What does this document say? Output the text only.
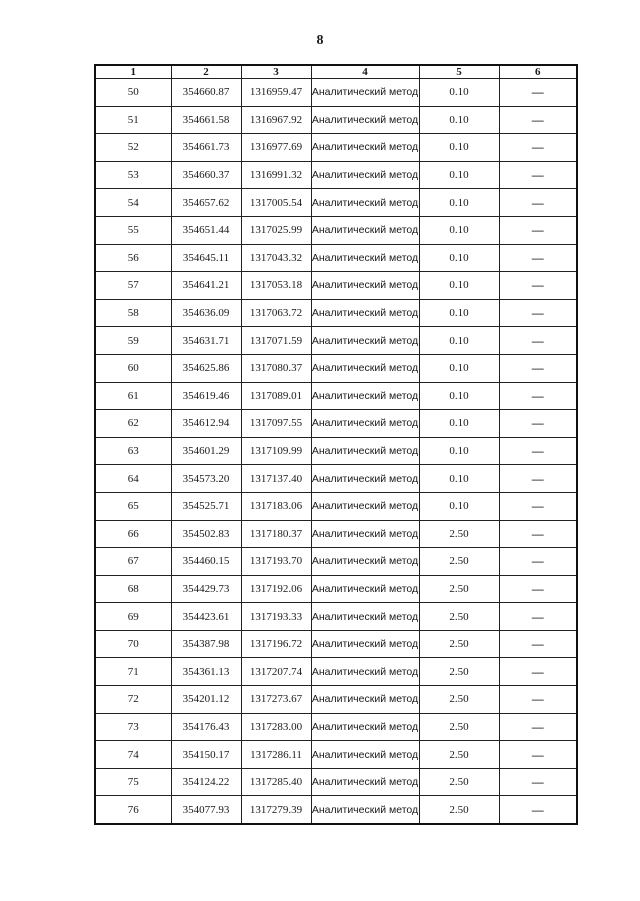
8
1	2	3	4	5	6
50	354660.87	1316959.47	Аналитический метод	0.10	—
51	354661.58	1316967.92	Аналитический метод	0.10	—
52	354661.73	1316977.69	Аналитический метод	0.10	—
53	354660.37	1316991.32	Аналитический метод	0.10	—
54	354657.62	1317005.54	Аналитический метод	0.10	—
55	354651.44	1317025.99	Аналитический метод	0.10	—
56	354645.11	1317043.32	Аналитический метод	0.10	—
57	354641.21	1317053.18	Аналитический метод	0.10	—
58	354636.09	1317063.72	Аналитический метод	0.10	—
59	354631.71	1317071.59	Аналитический метод	0.10	—
60	354625.86	1317080.37	Аналитический метод	0.10	—
61	354619.46	1317089.01	Аналитический метод	0.10	—
62	354612.94	1317097.55	Аналитический метод	0.10	—
63	354601.29	1317109.99	Аналитический метод	0.10	—
64	354573.20	1317137.40	Аналитический метод	0.10	—
65	354525.71	1317183.06	Аналитический метод	0.10	—
66	354502.83	1317180.37	Аналитический метод	2.50	—
67	354460.15	1317193.70	Аналитический метод	2.50	—
68	354429.73	1317192.06	Аналитический метод	2.50	—
69	354423.61	1317193.33	Аналитический метод	2.50	—
70	354387.98	1317196.72	Аналитический метод	2.50	—
71	354361.13	1317207.74	Аналитический метод	2.50	—
72	354201.12	1317273.67	Аналитический метод	2.50	—
73	354176.43	1317283.00	Аналитический метод	2.50	—
74	354150.17	1317286.11	Аналитический метод	2.50	—
75	354124.22	1317285.40	Аналитический метод	2.50	—
76	354077.93	1317279.39	Аналитический метод	2.50	—
